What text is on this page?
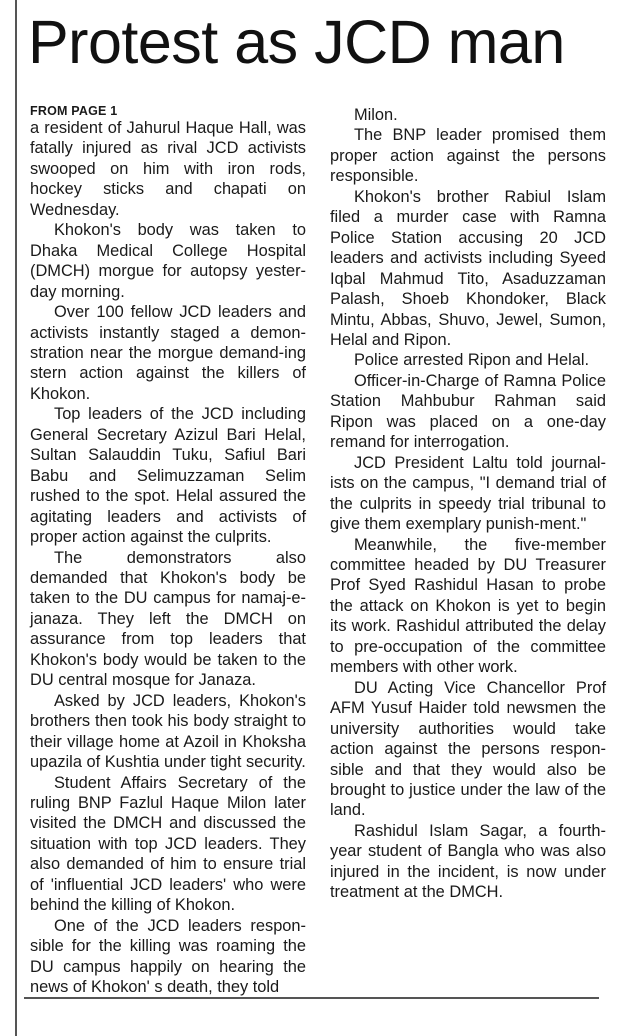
Protest as JCD man
FROM PAGE 1

a resident of Jahurul Haque Hall, was fatally injured as rival JCD activists swooped on him with iron rods, hockey sticks and chapati on Wednesday.

Khokon's body was taken to Dhaka Medical College Hospital (DMCH) morgue for autopsy yester-day morning.

Over 100 fellow JCD leaders and activists instantly staged a demon-stration near the morgue demand-ing stern action against the killers of Khokon.

Top leaders of the JCD including General Secretary Azizul Bari Helal, Sultan Salauddin Tuku, Safiul Bari Babu and Selimuzzaman Selim rushed to the spot. Helal assured the agitating leaders and activists of proper action against the culprits.

The demonstrators also demanded that Khokon's body be taken to the DU campus for namaj-e- janaza. They left the DMCH on assurance from top leaders that Khokon's body would be taken to the DU central mosque for Janaza.

Asked by JCD leaders, Khokon's brothers then took his body straight to their village home at Azoil in Khoksha upazila of Kushtia under tight security.

Student Affairs Secretary of the ruling BNP Fazlul Haque Milon later visited the DMCH and discussed the situation with top JCD leaders. They also demanded of him to ensure trial of 'influential JCD leaders' who were behind the killing of Khokon.

One of the JCD leaders respon-sible for the killing was roaming the DU campus happily on hearing the news of Khokon' s death, they told

Milon.

The BNP leader promised them proper action against the persons responsible.

Khokon's brother Rabiul Islam filed a murder case with Ramna Police Station accusing 20 JCD leaders and activists including Syeed Iqbal Mahmud Tito, Asaduzzaman Palash, Shoeb Khondoker, Black Mintu, Abbas, Shuvo, Jewel, Sumon, Helal and Ripon.

Police arrested Ripon and Helal.

Officer-in-Charge of Ramna Police Station Mahbubur Rahman said Ripon was placed on a one-day remand for interrogation.

JCD President Laltu told journal-ists on the campus, "I demand trial of the culprits in speedy trial tribunal to give them exemplary punish-ment."

Meanwhile, the five-member committee headed by DU Treasurer Prof Syed Rashidul Hasan to probe the attack on Khokon is yet to begin its work. Rashidul attributed the delay to pre-occupation of the committee members with other work.

DU Acting Vice Chancellor Prof AFM Yusuf Haider told newsmen the university authorities would take action against the persons respon-sible and that they would also be brought to justice under the law of the land.

Rashidul Islam Sagar, a fourth-year student of Bangla who was also injured in the incident, is now under treatment at the DMCH.
